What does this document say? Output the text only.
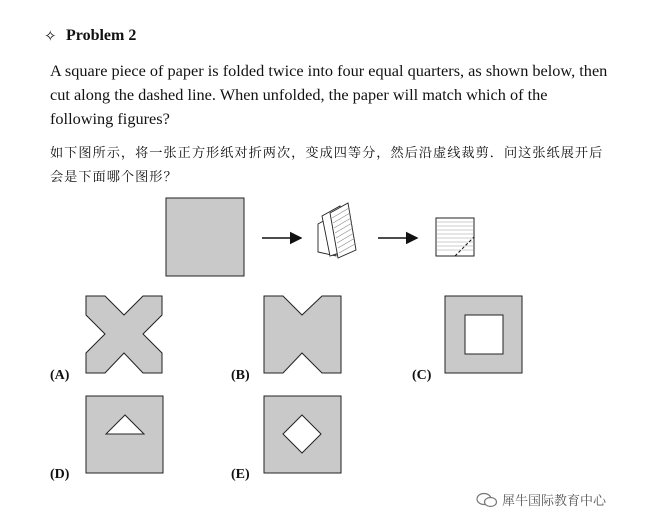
✧ Problem 2
A square piece of paper is folded twice into four equal quarters, as shown below, then cut along the dashed line. When unfolded, the paper will match which of the following figures?
如下图所示，将一张正方形纸对折两次，变成四等分，然后沿虚线裁剪．问这张纸展开后会是下面哪个图形？
(A)	(B)	(C)
(D)	(E)
犀牛国际教育中心
